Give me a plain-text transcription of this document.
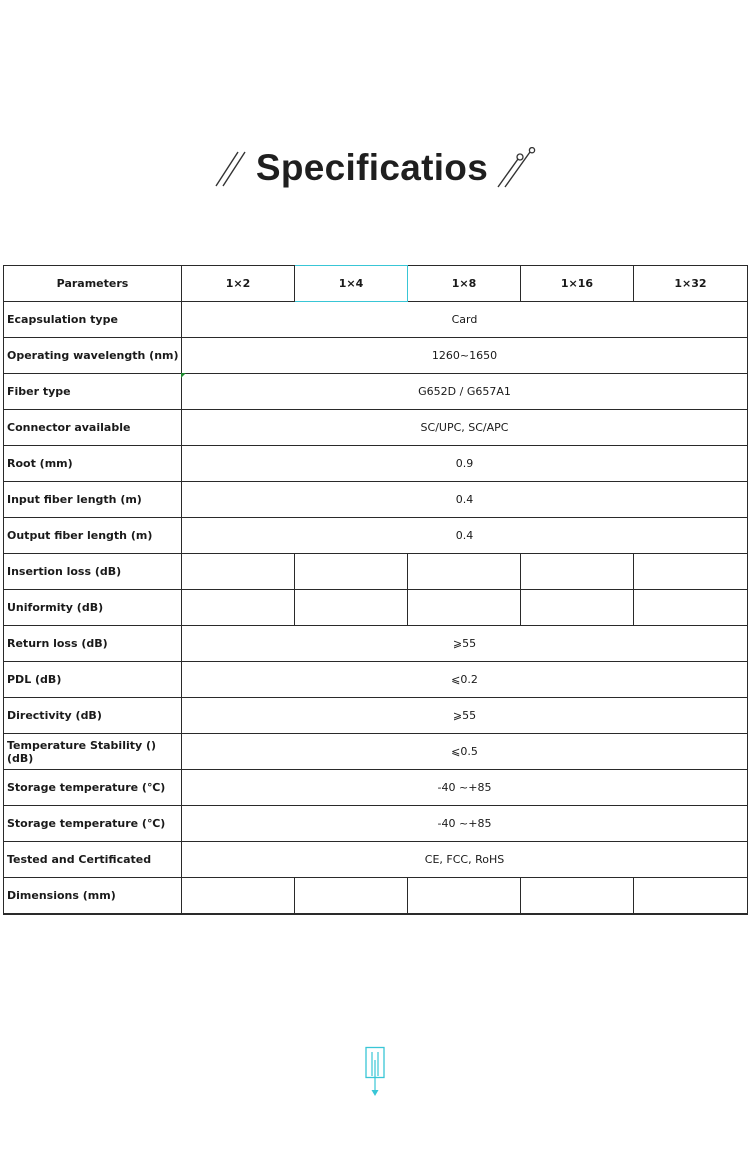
Specificatios
Parameters	1×2	1×4	1×8	1×16	1×32
Ecapsulation type	Card				
Operating wavelength (nm)	1260~1650				
Fiber type	G652D / G657A1				
Connector available	SC/UPC, SC/APC				
Root (mm)	0.9				
Input fiber length (m)	0.4				
Output fiber length (m)	0.4				
Insertion loss (dB)					
Uniformity (dB)					
Return loss (dB)	⩾55				
PDL (dB)	⩽0.2				
Directivity (dB)	⩾55				
Temperature Stability () (dB)	⩽0.5				
Storage temperature (℃)	-40 ~+85				
Storage temperature (℃)	-40 ~+85				
Tested and Certificated	CE, FCC, RoHS				
Dimensions (mm)					
